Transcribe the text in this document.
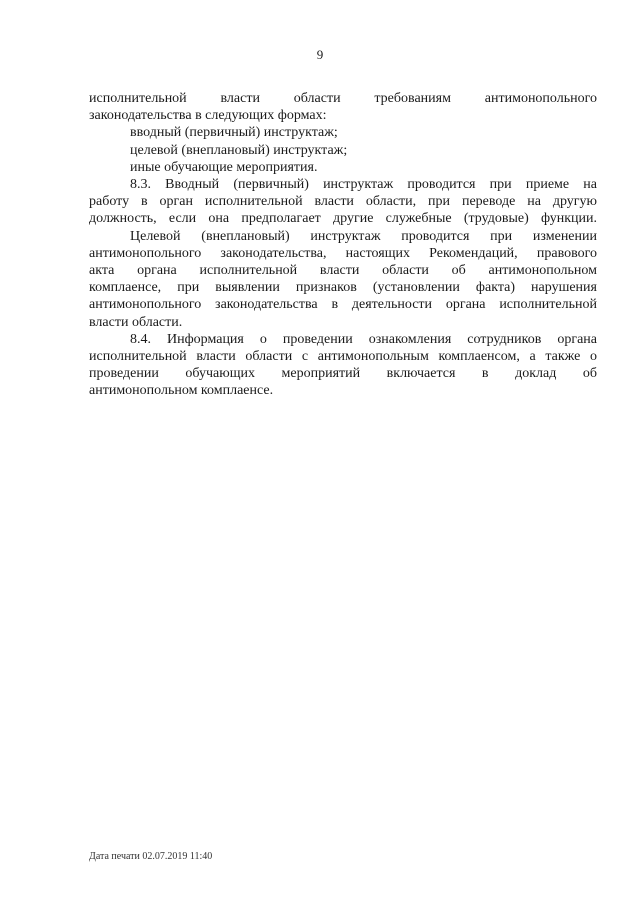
9

исполнительной власти области требованиям антимонопольного

законодательства в следующих формах:

вводный (первичный) инструктаж;

целевой (внеплановый) инструктаж;

иные обучающие мероприятия.

8.3. Вводный (первичный) инструктаж проводится при приеме на

работу в орган исполнительной власти области, при переводе на другую

должность, если она предполагает другие служебные (трудовые) функции.

Целевой (внеплановый) инструктаж проводится при изменении

антимонопольного законодательства, настоящих Рекомендаций, правового

акта органа исполнительной власти области об антимонопольном

комплаенсе, при выявлении признаков (установлении факта) нарушения

антимонопольного законодательства в деятельности органа исполнительной

власти области.

8.4. Информация о проведении ознакомления сотрудников органа

исполнительной власти области с антимонопольным комплаенсом, а также о

проведении обучающих мероприятий включается в доклад об

антимонопольном комплаенсе.

Дата печати 02.07.2019 11:40
